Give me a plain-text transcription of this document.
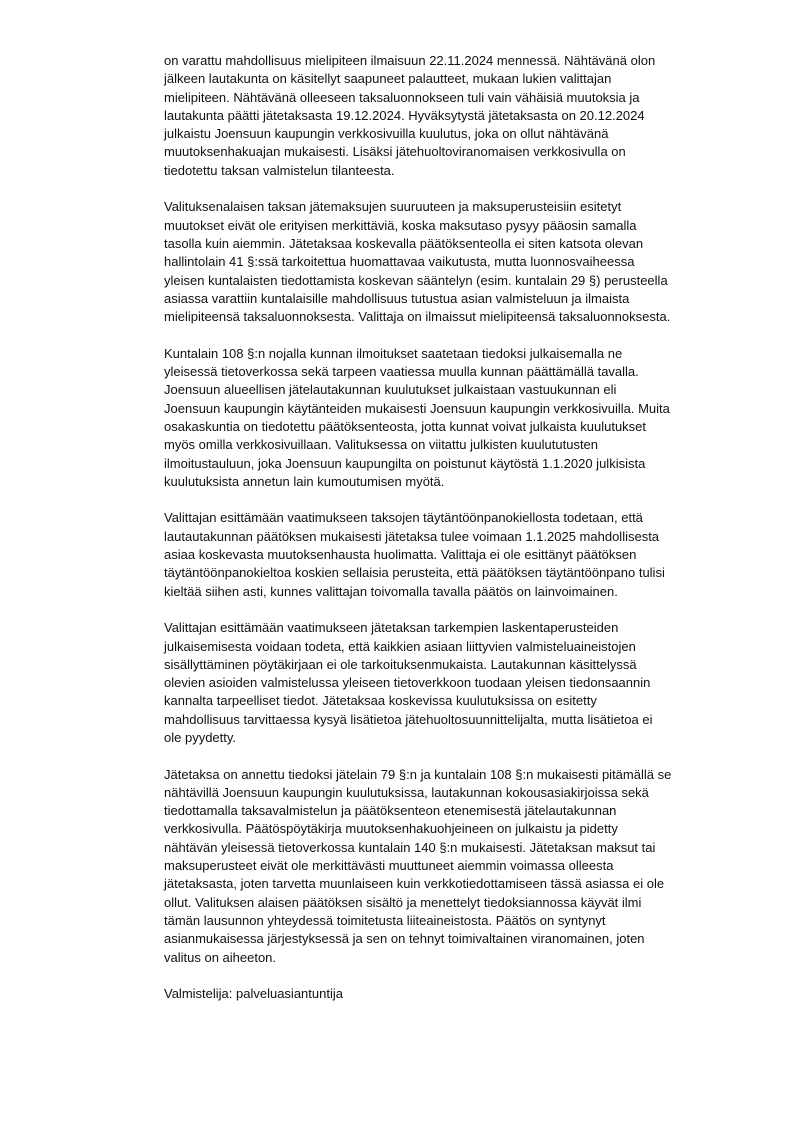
on varattu mahdollisuus mielipiteen ilmaisuun 22.11.2024 mennessä. Nähtävänä olon
jälkeen lautakunta on käsitellyt saapuneet palautteet, mukaan lukien valittajan
mielipiteen. Nähtävänä olleeseen taksaluonnokseen tuli vain vähäisiä muutoksia ja
lautakunta päätti jätetaksasta 19.12.2024. Hyväksytystä jätetaksasta on 20.12.2024
julkaistu Joensuun kaupungin verkkosivuilla kuulutus, joka on ollut nähtävänä
muutoksenhakuajan mukaisesti. Lisäksi jätehuoltoviranomaisen verkkosivulla on
tiedotettu taksan valmistelun tilanteesta.

Valituksenalaisen taksan jätemaksujen suuruuteen ja maksuperusteisiin esitetyt
muutokset eivät ole erityisen merkittäviä, koska maksutaso pysyy pääosin samalla
tasolla kuin aiemmin. Jätetaksaa koskevalla päätöksenteolla ei siten katsota olevan
hallintolain 41 §:ssä tarkoitettua huomattavaa vaikutusta, mutta luonnosvaiheessa
yleisen kuntalaisten tiedottamista koskevan sääntelyn (esim. kuntalain 29 §) perusteella
asiassa varattiin kuntalaisille mahdollisuus tutustua asian valmisteluun ja ilmaista
mielipiteensä taksaluonnoksesta. Valittaja on ilmaissut mielipiteensä taksaluonnoksesta.

Kuntalain 108 §:n nojalla kunnan ilmoitukset saatetaan tiedoksi julkaisemalla ne
yleisessä tietoverkossa sekä tarpeen vaatiessa muulla kunnan päättämällä tavalla.
Joensuun alueellisen jätelautakunnan kuulutukset julkaistaan vastuukunnan eli
Joensuun kaupungin käytänteiden mukaisesti Joensuun kaupungin verkkosivuilla. Muita
osakaskuntia on tiedotettu päätöksenteosta, jotta kunnat voivat julkaista kuulutukset
myös omilla verkkosivuillaan. Valituksessa on viitattu julkisten kuulututusten
ilmoitustauluun, joka Joensuun kaupungilta on poistunut käytöstä 1.1.2020 julkisista
kuulutuksista annetun lain kumoutumisen myötä.

Valittajan esittämään vaatimukseen taksojen täytäntöönpanokiellosta todetaan, että
lautautakunnan päätöksen mukaisesti jätetaksa tulee voimaan 1.1.2025 mahdollisesta
asiaa koskevasta muutoksenhausta huolimatta. Valittaja ei ole esittänyt päätöksen
täytäntöönpanokieltoa koskien sellaisia perusteita, että päätöksen täytäntöönpano tulisi
kieltää siihen asti, kunnes valittajan toivomalla tavalla päätös on lainvoimainen.

Valittajan esittämään vaatimukseen jätetaksan tarkempien laskentaperusteiden
julkaisemisesta voidaan todeta, että kaikkien asiaan liittyvien valmisteluaineistojen
sisällyttäminen pöytäkirjaan ei ole tarkoituksenmukaista. Lautakunnan käsittelyssä
olevien asioiden valmistelussa yleiseen tietoverkkoon tuodaan yleisen tiedonsaannin
kannalta tarpeelliset tiedot. Jätetaksaa koskevissa kuulutuksissa on esitetty
mahdollisuus tarvittaessa kysyä lisätietoa jätehuoltosuunnittelijalta, mutta lisätietoa ei
ole pyydetty.

Jätetaksa on annettu tiedoksi jätelain 79 §:n ja kuntalain 108 §:n mukaisesti pitämällä se
nähtävillä Joensuun kaupungin kuulutuksissa, lautakunnan kokousasiakirjoissa sekä
tiedottamalla taksavalmistelun ja päätöksenteon etenemisestä jätelautakunnan
verkkosivulla. Päätöspöytäkirja muutoksenhakuohjeineen on julkaistu ja pidetty
nähtävän yleisessä tietoverkossa kuntalain 140 §:n mukaisesti. Jätetaksan maksut tai
maksuperusteet eivät ole merkittävästi muuttuneet aiemmin voimassa olleesta
jätetaksasta, joten tarvetta muunlaiseen kuin verkkotiedottamiseen tässä asiassa ei ole
ollut. Valituksen alaisen päätöksen sisältö ja menettelyt tiedoksiannossa käyvät ilmi
tämän lausunnon yhteydessä toimitetusta liiteaineistosta. Päätös on syntynyt
asianmukaisessa järjestyksessä ja sen on tehnyt toimivaltainen viranomainen, joten
valitus on aiheeton.

Valmistelija: palveluasiantuntija
